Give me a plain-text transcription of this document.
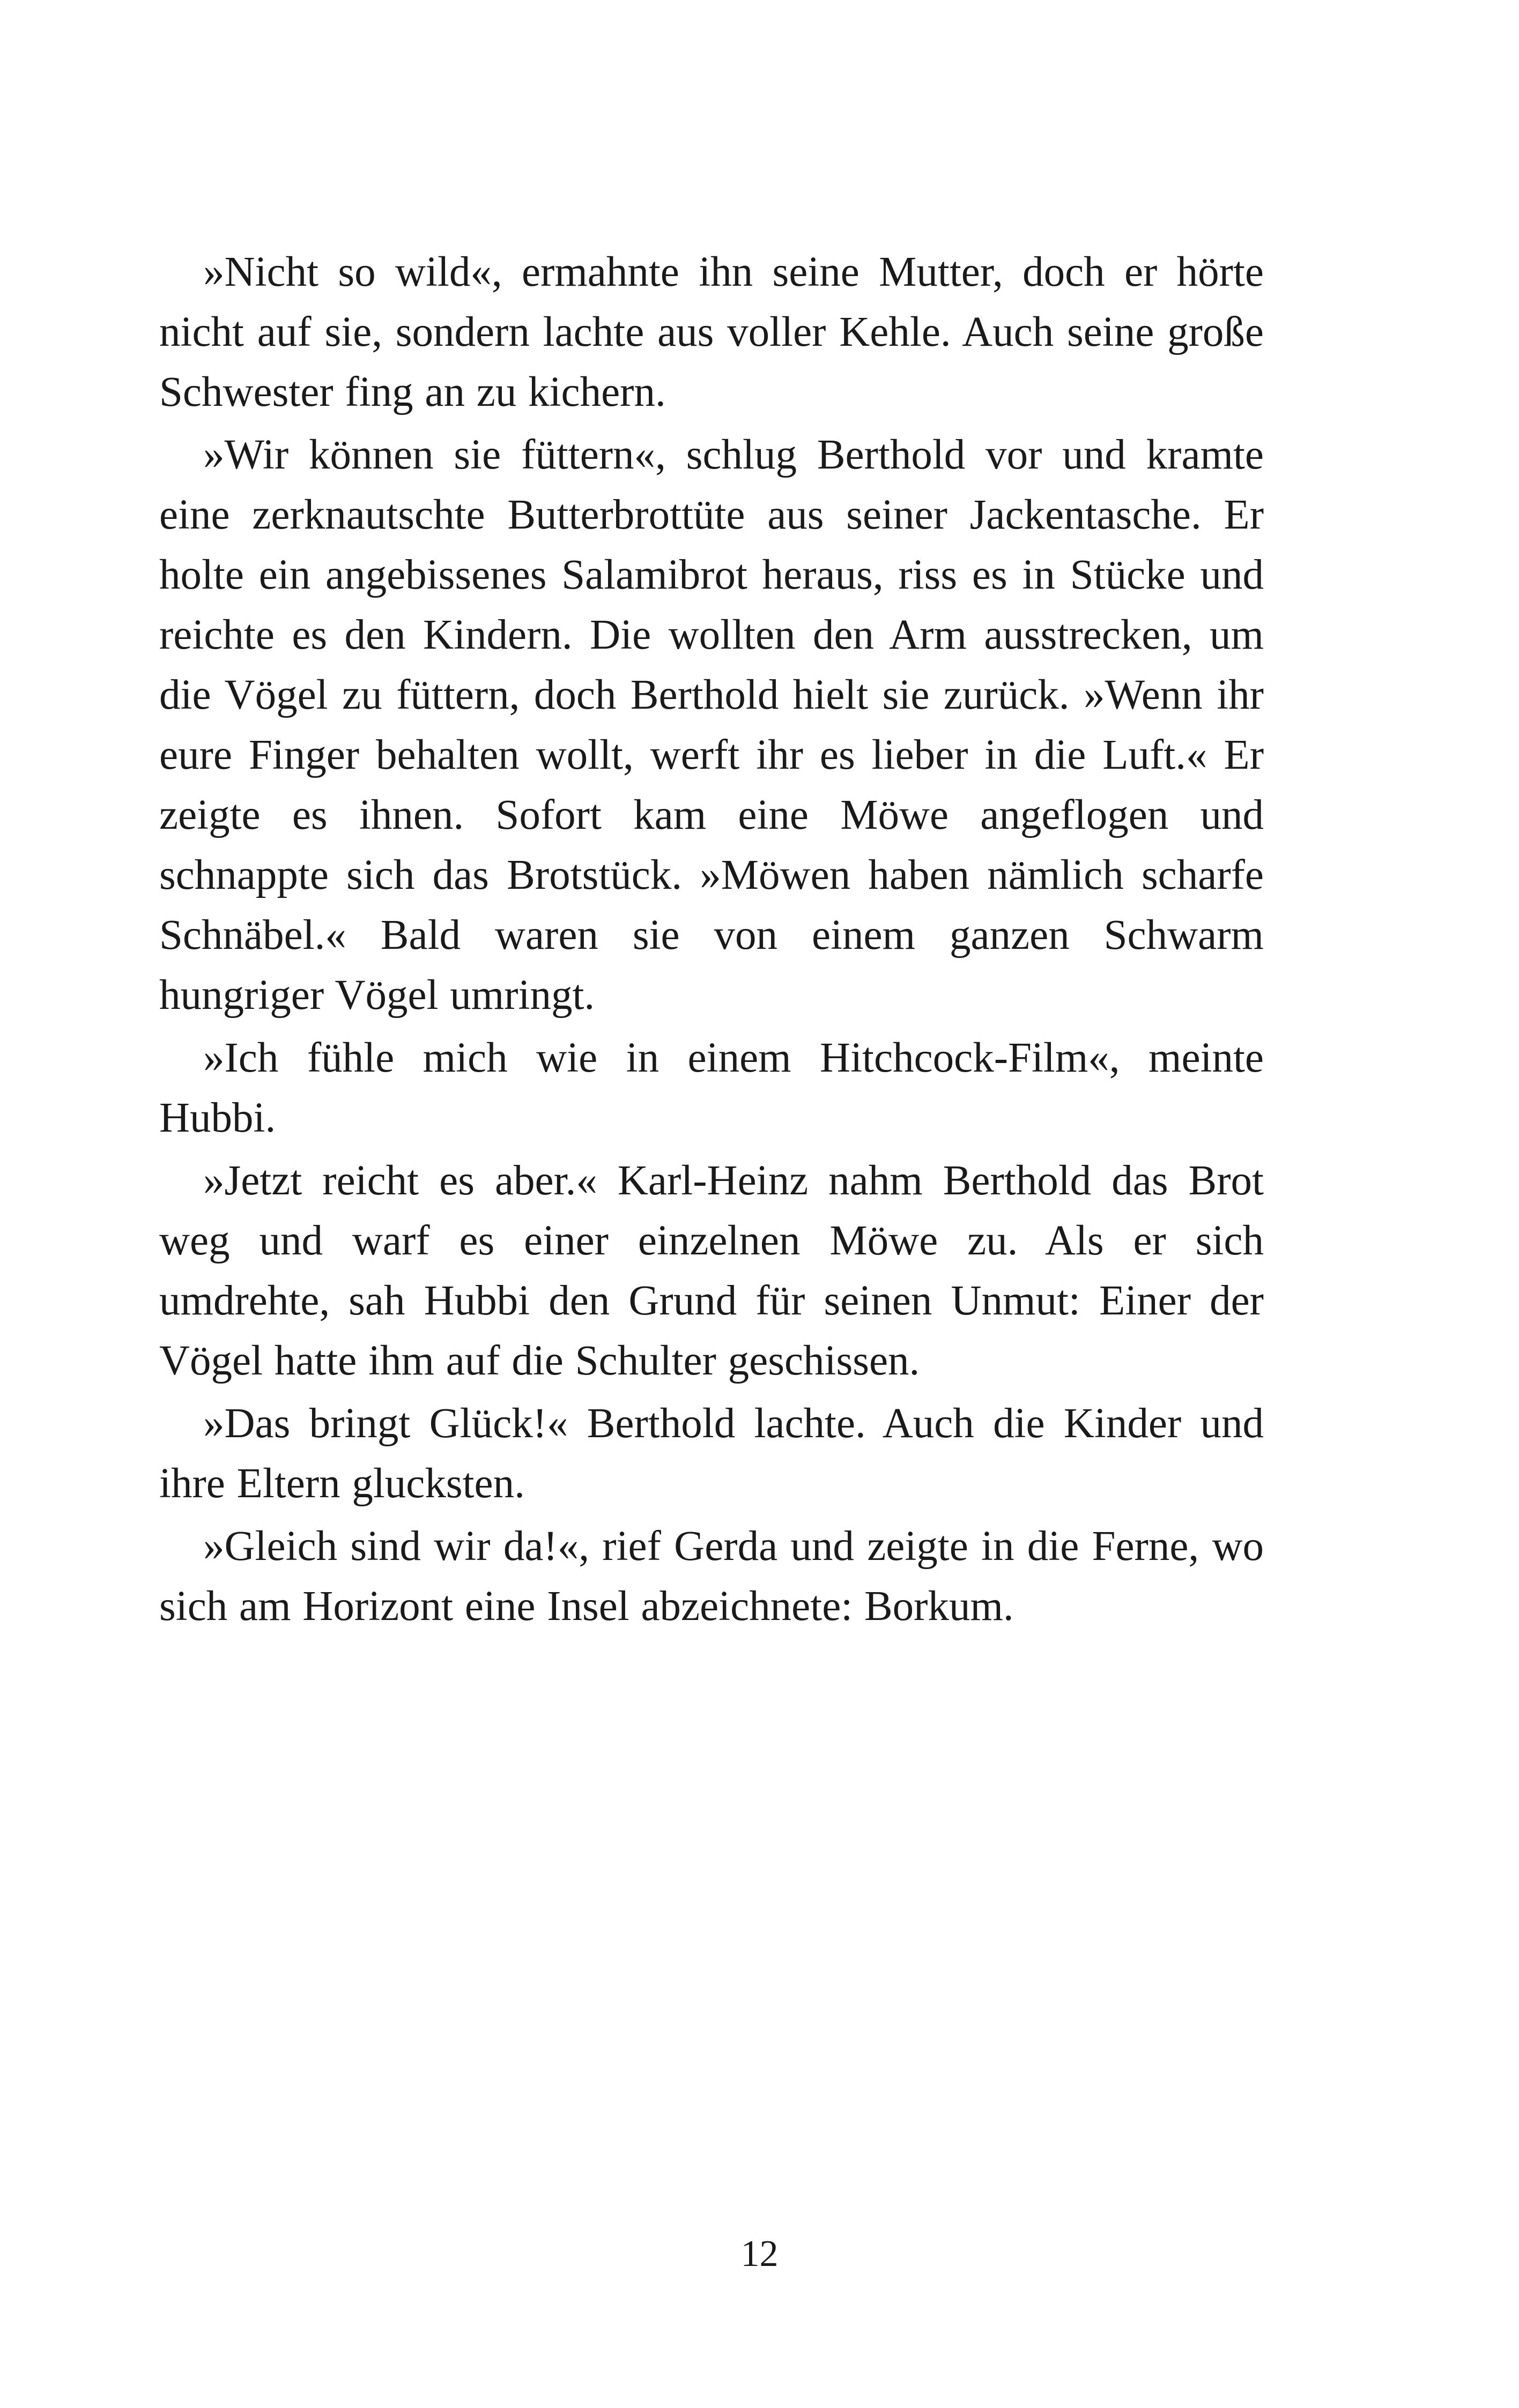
»Nicht so wild«, ermahnte ihn seine Mutter, doch er hörte nicht auf sie, sondern lachte aus voller Kehle. Auch seine große Schwester fing an zu kichern.

»Wir können sie füttern«, schlug Berthold vor und kramte eine zerknautschte Butterbrottüte aus seiner Jackentasche. Er holte ein angebissenes Salamibrot heraus, riss es in Stücke und reichte es den Kindern. Die wollten den Arm ausstrecken, um die Vögel zu füttern, doch Berthold hielt sie zurück. »Wenn ihr eure Finger behalten wollt, werft ihr es lieber in die Luft.« Er zeigte es ihnen. Sofort kam eine Möwe angeflogen und schnappte sich das Brotstück. »Möwen haben nämlich scharfe Schnäbel.« Bald waren sie von einem ganzen Schwarm hungriger Vögel umringt.

»Ich fühle mich wie in einem Hitchcock-Film«, meinte Hubbi.

»Jetzt reicht es aber.« Karl-Heinz nahm Berthold das Brot weg und warf es einer einzelnen Möwe zu. Als er sich umdrehte, sah Hubbi den Grund für seinen Unmut: Einer der Vögel hatte ihm auf die Schulter geschissen.

»Das bringt Glück!« Berthold lachte. Auch die Kinder und ihre Eltern glucksten.

»Gleich sind wir da!«, rief Gerda und zeigte in die Ferne, wo sich am Horizont eine Insel abzeichnete: Borkum.

12
